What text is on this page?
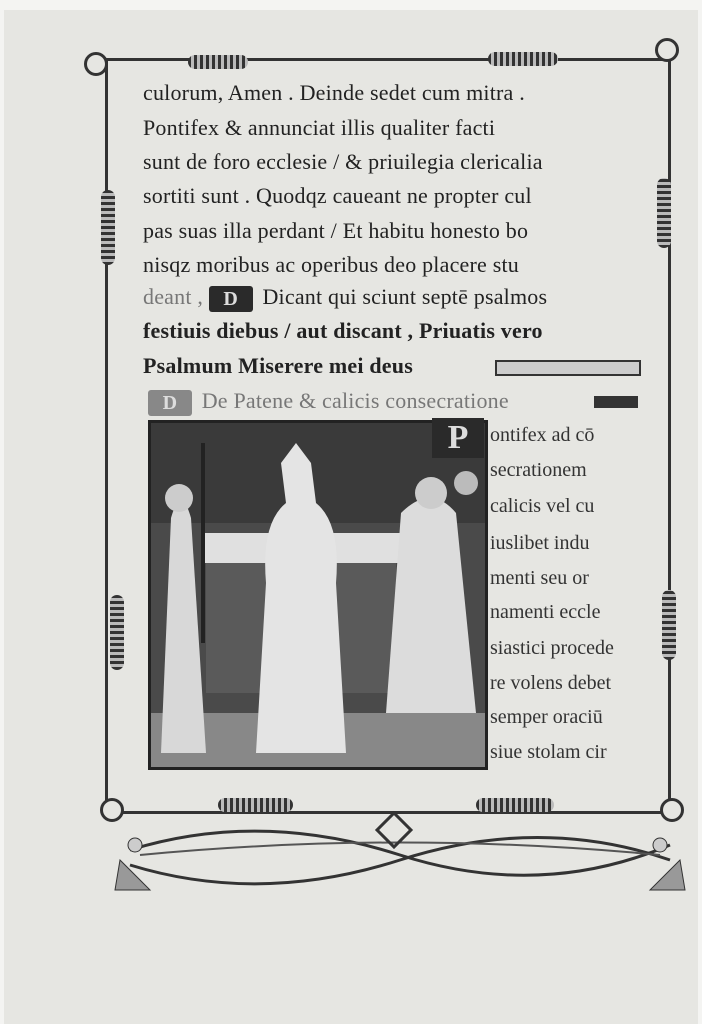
culorum, Amen . Deinde sedet cum mitra .
Pontifex & annunciat illis qualiter facti
sunt de foro ecclesie / & priuilegia clericalia
sortiti sunt . Quodqz caueant ne propter cul
pas suas illa perdant / Et habitu honesto bo
nisqz moribus ac operibus deo placere stu
deant , D Dicant qui sciunt septē psalmos
festiuis diebus / aut discant , Priuatis vero
Psalmum Miserere mei deus
D De Patene & calicis consecratione
P	ontifex ad cō
secrationem
calicis vel cu
iuslibet indu
menti seu or
namenti eccle
siastici procede
re volens debet
semper oraciū
siue stolam cir
